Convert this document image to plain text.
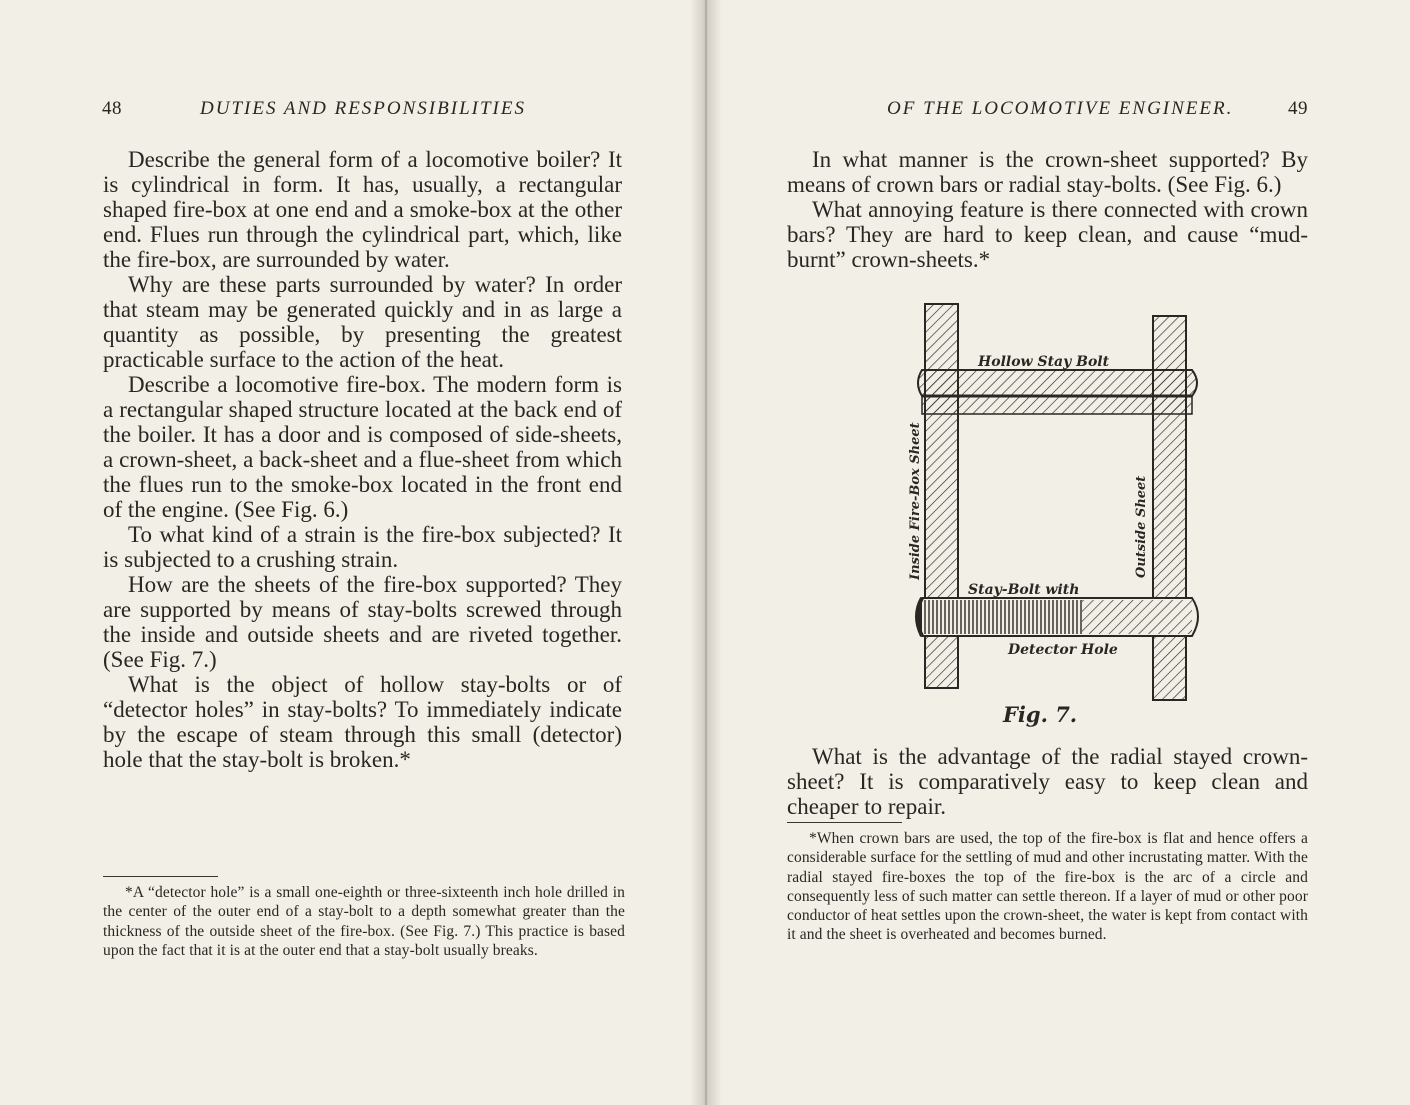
48	DUTIES AND RESPONSIBILITIES

Describe the general form of a locomotive boiler? It is cylindrical in form. It has, usually, a rectangular shaped fire-box at one end and a smoke-box at the other end. Flues run through the cylindrical part, which, like the fire-box, are surrounded by water.

Why are these parts surrounded by water? In order that steam may be generated quickly and in as large a quantity as possible, by presenting the greatest practicable surface to the action of the heat.

Describe a locomotive fire-box. The modern form is a rectangular shaped structure located at the back end of the boiler. It has a door and is composed of side-sheets, a crown-sheet, a back-sheet and a flue-sheet from which the flues run to the smoke-box located in the front end of the engine. (See Fig. 6.)

To what kind of a strain is the fire-box subjected? It is subjected to a crushing strain.

How are the sheets of the fire-box supported? They are supported by means of stay-bolts screwed through the inside and outside sheets and are riveted together. (See Fig. 7.)

What is the object of hollow stay-bolts or of “detector holes” in stay-bolts? To immediately indicate by the escape of steam through this small (detector) hole that the stay-bolt is broken.*

*A “detector hole” is a small one-eighth or three-sixteenth inch hole drilled in the center of the outer end of a stay-bolt to a depth somewhat greater than the thickness of the outside sheet of the fire-box. (See Fig. 7.) This practice is based upon the fact that it is at the outer end that a stay-bolt usually breaks.

OF THE LOCOMOTIVE ENGINEER.	49

In what manner is the crown-sheet supported? By means of crown bars or radial stay-bolts. (See Fig. 6.)

What annoying feature is there connected with crown bars? They are hard to keep clean, and cause “mud-burnt” crown-sheets.*

Hollow Stay Bolt
Stay-Bolt with
Detector Hole
Inside Fire-Box Sheet	Outside Sheet
Fig. 7.

What is the advantage of the radial stayed crown-sheet? It is comparatively easy to keep clean and cheaper to repair.

*When crown bars are used, the top of the fire-box is flat and hence offers a considerable surface for the settling of mud and other incrustating matter. With the radial stayed fire-boxes the top of the fire-box is the arc of a circle and consequently less of such matter can settle thereon. If a layer of mud or other poor conductor of heat settles upon the crown-sheet, the water is kept from contact with it and the sheet is overheated and becomes burned.
